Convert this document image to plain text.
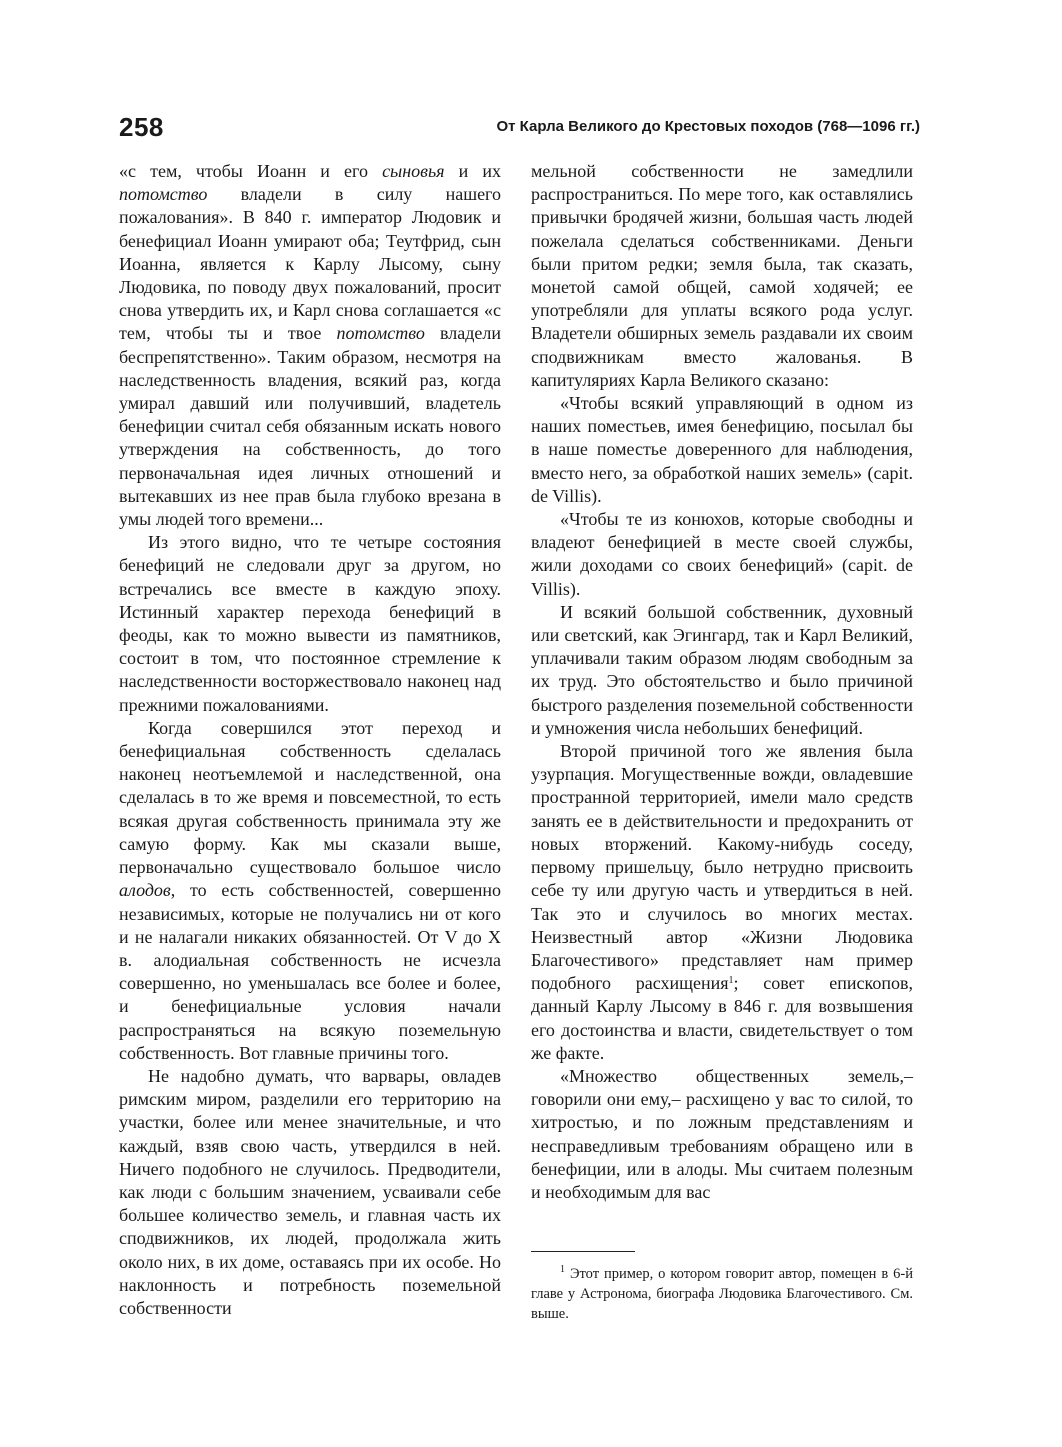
258	От Карла Великого до Крестовых походов (768—1096 гг.)

«с тем, чтобы Иоанн и его сыновья и их потомство владели в силу нашего пожалования». В 840 г. император Людовик и бенефициал Иоанн умирают оба; Теутфрид, сын Иоанна, является к Карлу Лысому, сыну Людовика, по поводу двух пожалований, просит снова утвердить их, и Карл снова соглашается «с тем, чтобы ты и твое потомство владели беспрепятственно». Таким образом, несмотря на наследственность владения, всякий раз, когда умирал давший или получивший, владетель бенефиции считал себя обязанным искать нового утверждения на собственность, до того первоначальная идея личных отношений и вытекавших из нее прав была глубоко врезана в умы людей того времени...

Из этого видно, что те четыре состояния бенефиций не следовали друг за другом, но встречались все вместе в каждую эпоху. Истинный характер перехода бенефиций в феоды, как то можно вывести из памятников, состоит в том, что постоянное стремление к наследственности восторжествовало наконец над прежними пожалованиями.

Когда совершился этот переход и бенефициальная собственность сделалась наконец неотъемлемой и наследственной, она сделалась в то же время и повсеместной, то есть всякая другая собственность принимала эту же самую форму. Как мы сказали выше, первоначально существовало большое число алодов, то есть собственностей, совершенно независимых, которые не получались ни от кого и не налагали никаких обязанностей. От V до X в. алодиальная собственность не исчезла совершенно, но уменьшалась все более и более, и бенефициальные условия начали распространяться на всякую поземельную собственность. Вот главные причины того.

Не надобно думать, что варвары, овладев римским миром, разделили его территорию на участки, более или менее значительные, и что каждый, взяв свою часть, утвердился в ней. Ничего подобного не случилось. Предводители, как люди с большим значением, усваивали себе большее количество земель, и главная часть их сподвижников, их людей, продолжала жить около них, в их доме, оставаясь при их особе. Но наклонность и потребность поземельной собственности

мельной собственности не замедлили распространиться. По мере того, как оставлялись привычки бродячей жизни, большая часть людей пожелала сделаться собственниками. Деньги были притом редки; земля была, так сказать, монетой самой общей, самой ходячей; ее употребляли для уплаты всякого рода услуг. Владетели обширных земель раздавали их своим сподвижникам вместо жалованья. В капитуляриях Карла Великого сказано:

«Чтобы всякий управляющий в одном из наших поместьев, имея бенефицию, посылал бы в наше поместье доверенного для наблюдения, вместо него, за обработкой наших земель» (capit. de Villis).

«Чтобы те из конюхов, которые свободны и владеют бенефицией в месте своей службы, жили доходами со своих бенефиций» (capit. de Villis).

И всякий большой собственник, духовный или светский, как Эгингард, так и Карл Великий, уплачивали таким образом людям свободным за их труд. Это обстоятельство и было причиной быстрого разделения поземельной собственности и умножения числа небольших бенефиций.

Второй причиной того же явления была узурпация. Могущественные вожди, овладевшие пространной территорией, имели мало средств занять ее в действительности и предохранить от новых вторжений. Какому-нибудь соседу, первому пришельцу, было нетрудно присвоить себе ту или другую часть и утвердиться в ней. Так это и случилось во многих местах. Неизвестный автор «Жизни Людовика Благочестивого» представляет нам пример подобного расхищения$^1$; совет епископов, данный Карлу Лысому в 846 г. для возвышения его достоинства и власти, свидетельствует о том же факте.

«Множество общественных земель,– говорили они ему,– расхищено у вас то силой, то хитростью, и по ложным представлениям и несправедливым требованиям обращено или в бенефиции, или в алоды. Мы считаем полезным и необходимым для вас

$^1$ Этот пример, о котором говорит автор, помещен в 6-й главе у Астронома, биографа Людовика Благочестивого. См. выше.
